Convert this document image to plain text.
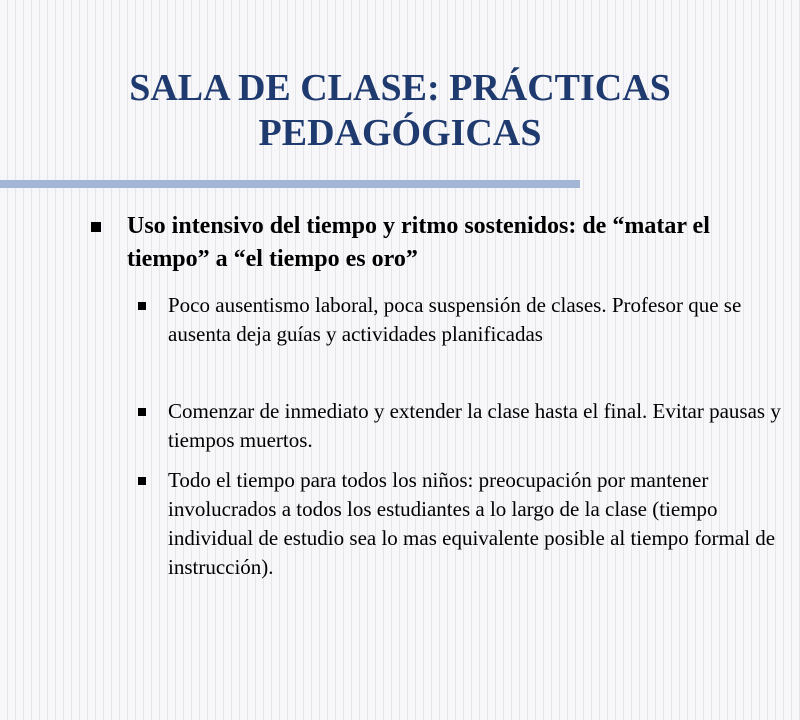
SALA DE CLASE: PRÁCTICAS
PEDAGÓGICAS
Uso intensivo del tiempo y ritmo sostenidos: de “matar el tiempo” a “el tiempo es oro”
Poco ausentismo laboral, poca suspensión de clases. Profesor que se ausenta deja guías y actividades planificadas
Comenzar de inmediato y extender la clase hasta el final. Evitar pausas y tiempos muertos.
Todo el tiempo para todos los niños: preocupación por mantener involucrados a todos los estudiantes a lo largo de la clase (tiempo individual de estudio sea lo mas equivalente posible al tiempo formal de instrucción).
